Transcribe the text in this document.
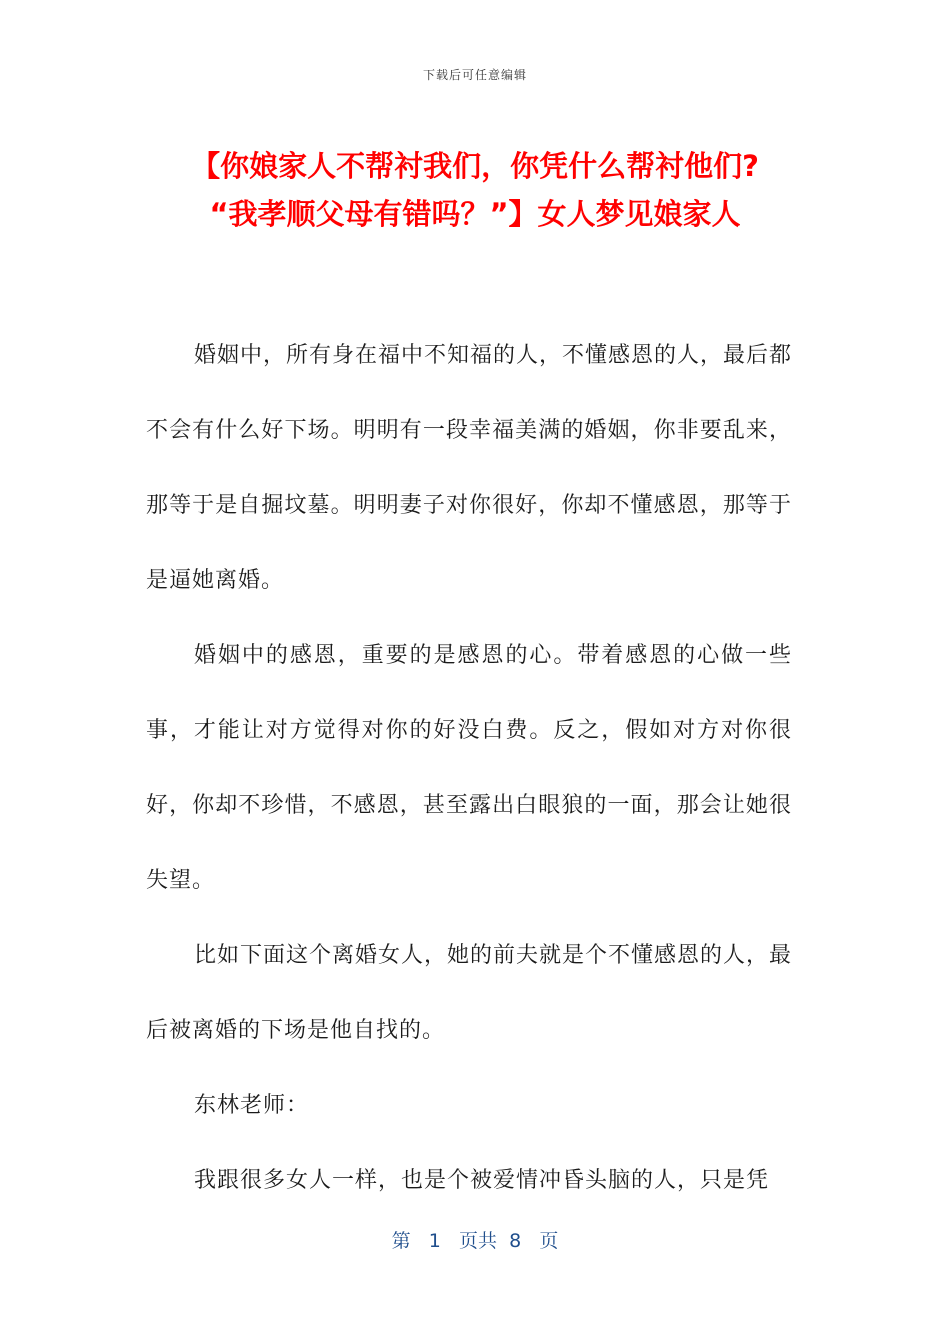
下载后可任意编辑
【你娘家人不帮衬我们，你凭什么帮衬他们?
“我孝顺父母有错吗？”】女人梦见娘家人

婚姻中，所有身在福中不知福的人，不懂感恩的人，最后都不会有什么好下场。明明有一段幸福美满的婚姻，你非要乱来，那等于是自掘坟墓。明明妻子对你很好，你却不懂感恩，那等于是逼她离婚。

婚姻中的感恩，重要的是感恩的心。带着感恩的心做一些事，才能让对方觉得对你的好没白费。反之，假如对方对你很好，你却不珍惜，不感恩，甚至露出白眼狼的一面，那会让她很失望。

比如下面这个离婚女人，她的前夫就是个不懂感恩的人，最后被离婚的下场是他自找的。

东林老师：

我跟很多女人一样，也是个被爱情冲昏头脑的人，只是凭

第 1 页共 8 页
